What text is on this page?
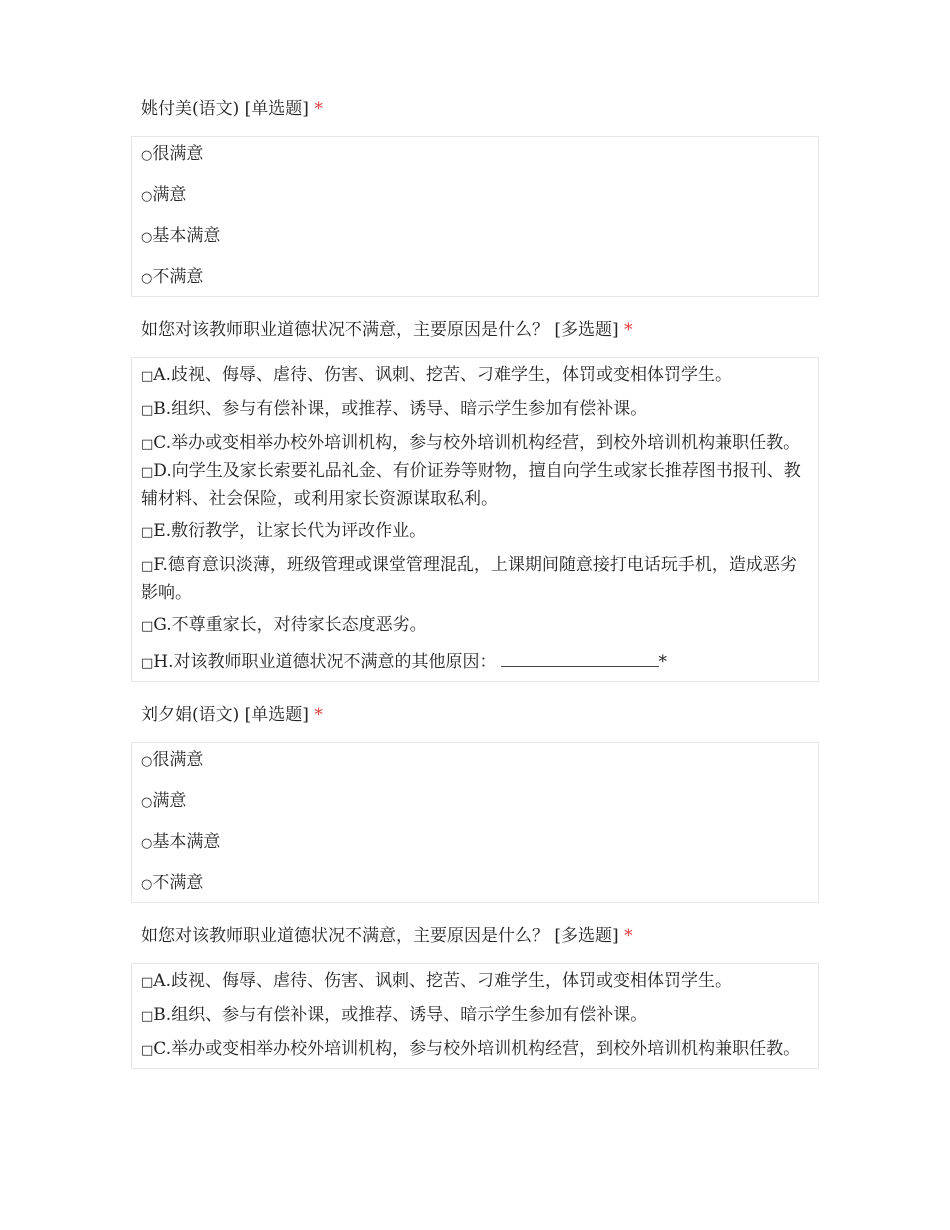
姚付美(语文) [单选题] *

○很满意

○满意

○基本满意

○不满意

如您对该教师职业道德状况不满意，主要原因是什么？ [多选题] *

□A.歧视、侮辱、虐待、伤害、讽刺、挖苦、刁难学生，体罚或变相体罚学生。

□B.组织、参与有偿补课，或推荐、诱导、暗示学生参加有偿补课。

□C.举办或变相举办校外培训机构，参与校外培训机构经营，到校外培训机构兼职任教。

□D.向学生及家长索要礼品礼金、有价证券等财物，擅自向学生或家长推荐图书报刊、教辅材料、社会保险，或利用家长资源谋取私利。

□E.敷衍教学，让家长代为评改作业。

□F.德育意识淡薄，班级管理或课堂管理混乱，上课期间随意接打电话玩手机，造成恶劣影响。

□G.不尊重家长，对待家长态度恶劣。

□H.对该教师职业道德状况不满意的其他原因：	*

刘夕娟(语文) [单选题] *

○很满意

○满意

○基本满意

○不满意

如您对该教师职业道德状况不满意，主要原因是什么？ [多选题] *

□A.歧视、侮辱、虐待、伤害、讽刺、挖苦、刁难学生，体罚或变相体罚学生。

□B.组织、参与有偿补课，或推荐、诱导、暗示学生参加有偿补课。

□C.举办或变相举办校外培训机构，参与校外培训机构经营，到校外培训机构兼职任教。
